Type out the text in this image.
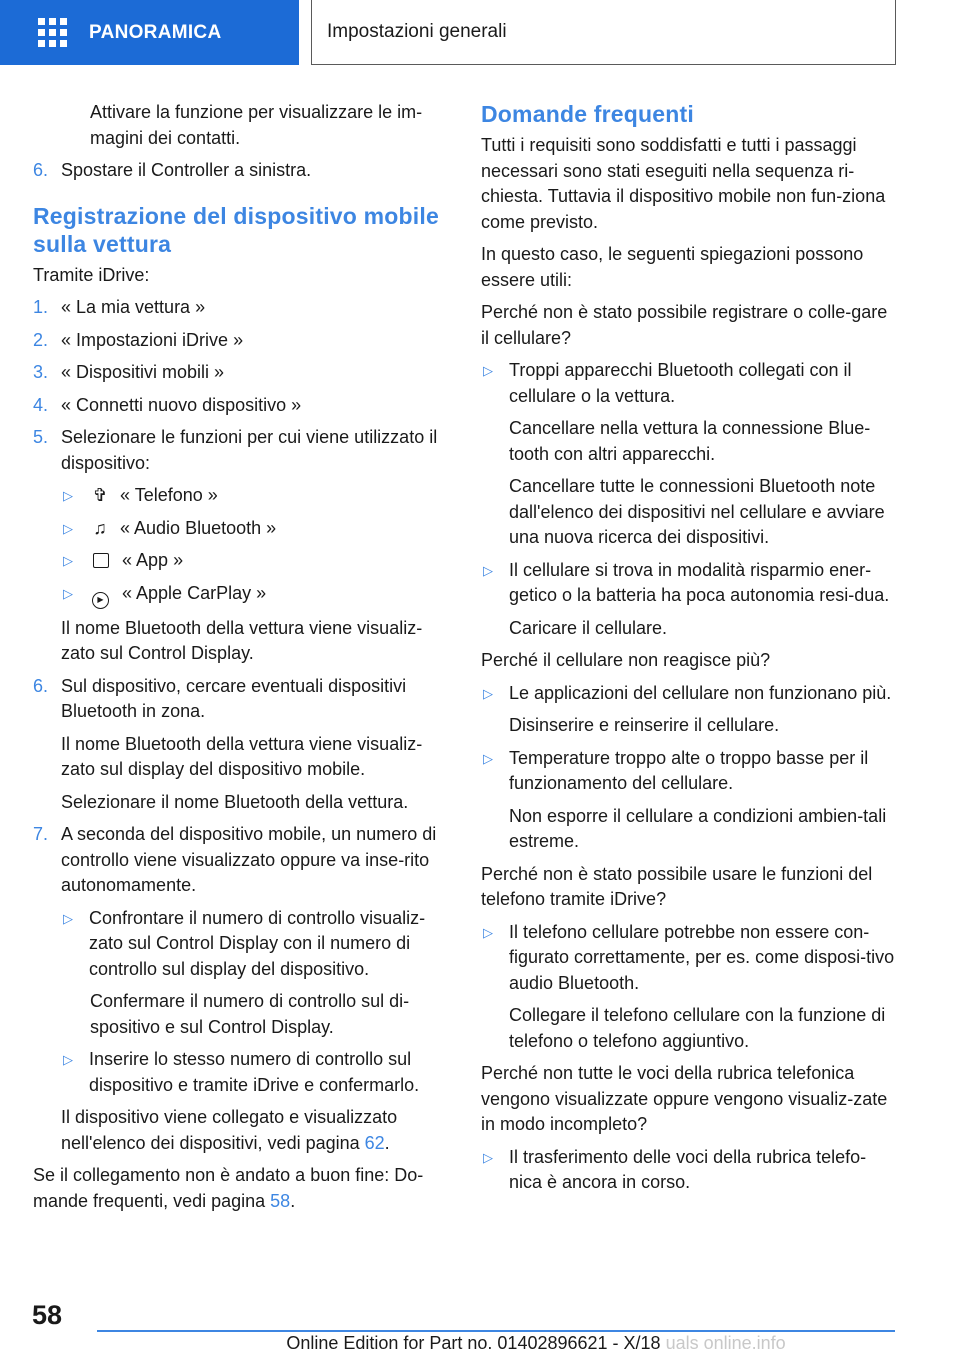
PANORAMICA	Impostazioni generali
Attivare la funzione per visualizzare le im-magini dei contatti.
6. Spostare il Controller a sinistra.
Registrazione del dispositivo mobile sulla vettura
Tramite iDrive:
1. « La mia vettura »
2. « Impostazioni iDrive »
3. « Dispositivi mobili »
4. « Connetti nuovo dispositivo »
5. Selezionare le funzioni per cui viene utilizzato il dispositivo:
▷ ✞ « Telefono »
▷ ♫ « Audio Bluetooth »
▷	« App »
▷	▶ « Apple CarPlay »
Il nome Bluetooth della vettura viene visualiz-zato sul Control Display.
6. Sul dispositivo, cercare eventuali dispositivi Bluetooth in zona.
Il nome Bluetooth della vettura viene visualiz-zato sul display del dispositivo mobile.
Selezionare il nome Bluetooth della vettura.
7. A seconda del dispositivo mobile, un numero di controllo viene visualizzato oppure va inse-rito autonomamente.
▷ Confrontare il numero di controllo visualiz-zato sul Control Display con il numero di controllo sul display del dispositivo.
Confermare il numero di controllo sul di-spositivo e sul Control Display.
▷ Inserire lo stesso numero di controllo sul dispositivo e tramite iDrive e confermarlo.
Il dispositivo viene collegato e visualizzato nell'elenco dei dispositivi, vedi pagina 62.
Se il collegamento non è andato a buon fine: Do-mande frequenti, vedi pagina 58.
Domande frequenti
Tutti i requisiti sono soddisfatti e tutti i passaggi necessari sono stati eseguiti nella sequenza ri-chiesta. Tuttavia il dispositivo mobile non fun-ziona come previsto.
In questo caso, le seguenti spiegazioni possono essere utili:
Perché non è stato possibile registrare o colle-gare il cellulare?
▷ Troppi apparecchi Bluetooth collegati con il cellulare o la vettura.
Cancellare nella vettura la connessione Blue-tooth con altri apparecchi.
Cancellare tutte le connessioni Bluetooth note dall'elenco dei dispositivi nel cellulare e avviare una nuova ricerca dei dispositivi.
▷ Il cellulare si trova in modalità risparmio ener-getico o la batteria ha poca autonomia resi-dua.
Caricare il cellulare.
Perché il cellulare non reagisce più?
▷ Le applicazioni del cellulare non funzionano più.
Disinserire e reinserire il cellulare.
▷ Temperature troppo alte o troppo basse per il funzionamento del cellulare.
Non esporre il cellulare a condizioni ambien-tali estreme.
Perché non è stato possibile usare le funzioni del telefono tramite iDrive?
▷ Il telefono cellulare potrebbe non essere con-figurato correttamente, per es. come disposi-tivo audio Bluetooth.
Collegare il telefono cellulare con la funzione di telefono o telefono aggiuntivo.
Perché non tutte le voci della rubrica telefonica vengono visualizzate oppure vengono visualiz-zate in modo incompleto?
▷ Il trasferimento delle voci della rubrica telefo-nica è ancora in corso.
58
Online Edition for Part no. 01402896621 - X/18 uals online.info
